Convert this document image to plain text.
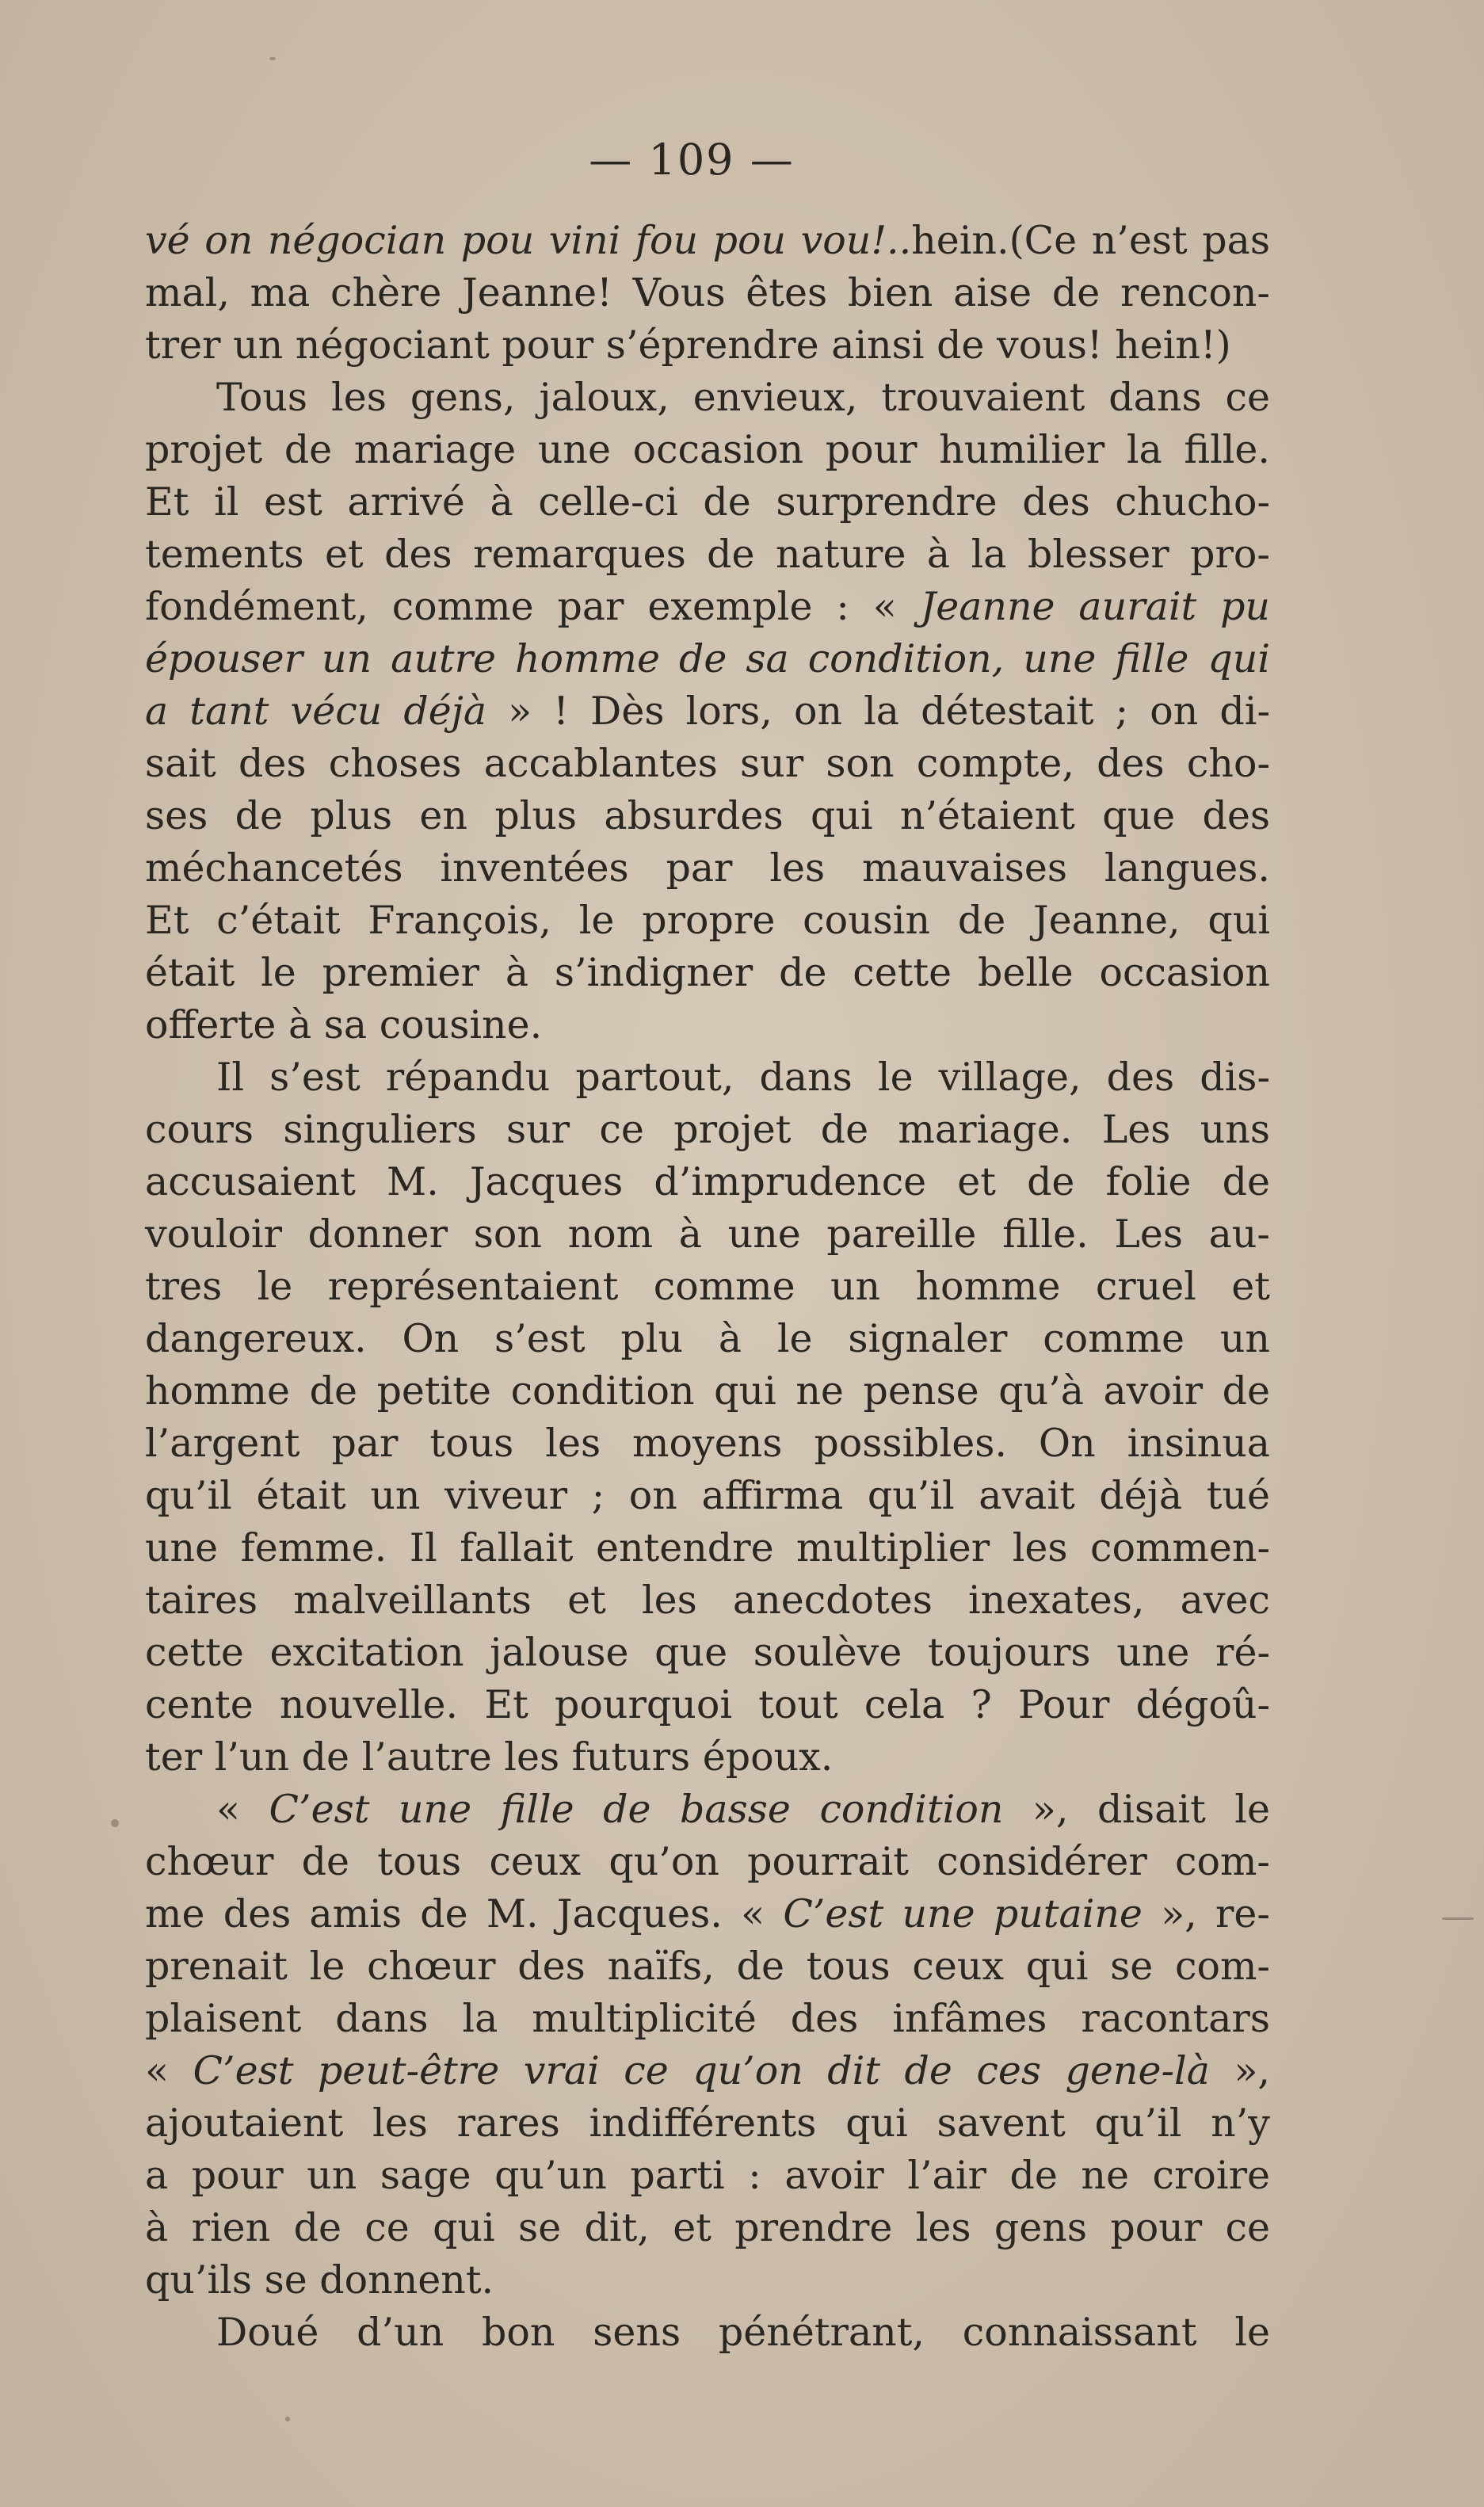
— 109 —
vé on négocian pou vini fou pou vou!..hein.(Ce n’est pas
mal, ma chère Jeanne! Vous êtes bien aise de rencon-
trer un négociant pour s’éprendre ainsi de vous! hein!)
Tous les gens, jaloux, envieux, trouvaient dans ce
projet de mariage une occasion pour humilier la fille.
Et il est arrivé à celle-ci de surprendre des chucho-
tements et des remarques de nature à la blesser pro-
fondément, comme par exemple : « Jeanne aurait pu
épouser un autre homme de sa condition, une fille qui
a tant vécu déjà » ! Dès lors, on la détestait ; on di-
sait des choses accablantes sur son compte, des cho-
ses de plus en plus absurdes qui n’étaient que des
méchancetés inventées par les mauvaises langues.
Et c’était François, le propre cousin de Jeanne, qui
était le premier à s’indigner de cette belle occasion
offerte à sa cousine.
Il s’est répandu partout, dans le village, des dis-
cours singuliers sur ce projet de mariage. Les uns
accusaient M. Jacques d’imprudence et de folie de
vouloir donner son nom à une pareille fille. Les au-
tres le représentaient comme un homme cruel et
dangereux. On s’est plu à le signaler comme un
homme de petite condition qui ne pense qu’à avoir de
l’argent par tous les moyens possibles. On insinua
qu’il était un viveur ; on affirma qu’il avait déjà tué
une femme. Il fallait entendre multiplier les commen-
taires malveillants et les anecdotes inexates, avec
cette excitation jalouse que soulève toujours une ré-
cente nouvelle. Et pourquoi tout cela ? Pour dégoû-
ter l’un de l’autre les futurs époux.
« C’est une fille de basse condition », disait le
chœur de tous ceux qu’on pourrait considérer com-
me des amis de M. Jacques. « C’est une putaine », re-
prenait le chœur des naïfs, de tous ceux qui se com-
plaisent dans la multiplicité des infâmes racontars
« C’est peut-être vrai ce qu’on dit de ces gene-là »,
ajoutaient les rares indifférents qui savent qu’il n’y
a pour un sage qu’un parti : avoir l’air de ne croire
à rien de ce qui se dit, et prendre les gens pour ce
qu’ils se donnent.
Doué d’un bon sens pénétrant, connaissant le
